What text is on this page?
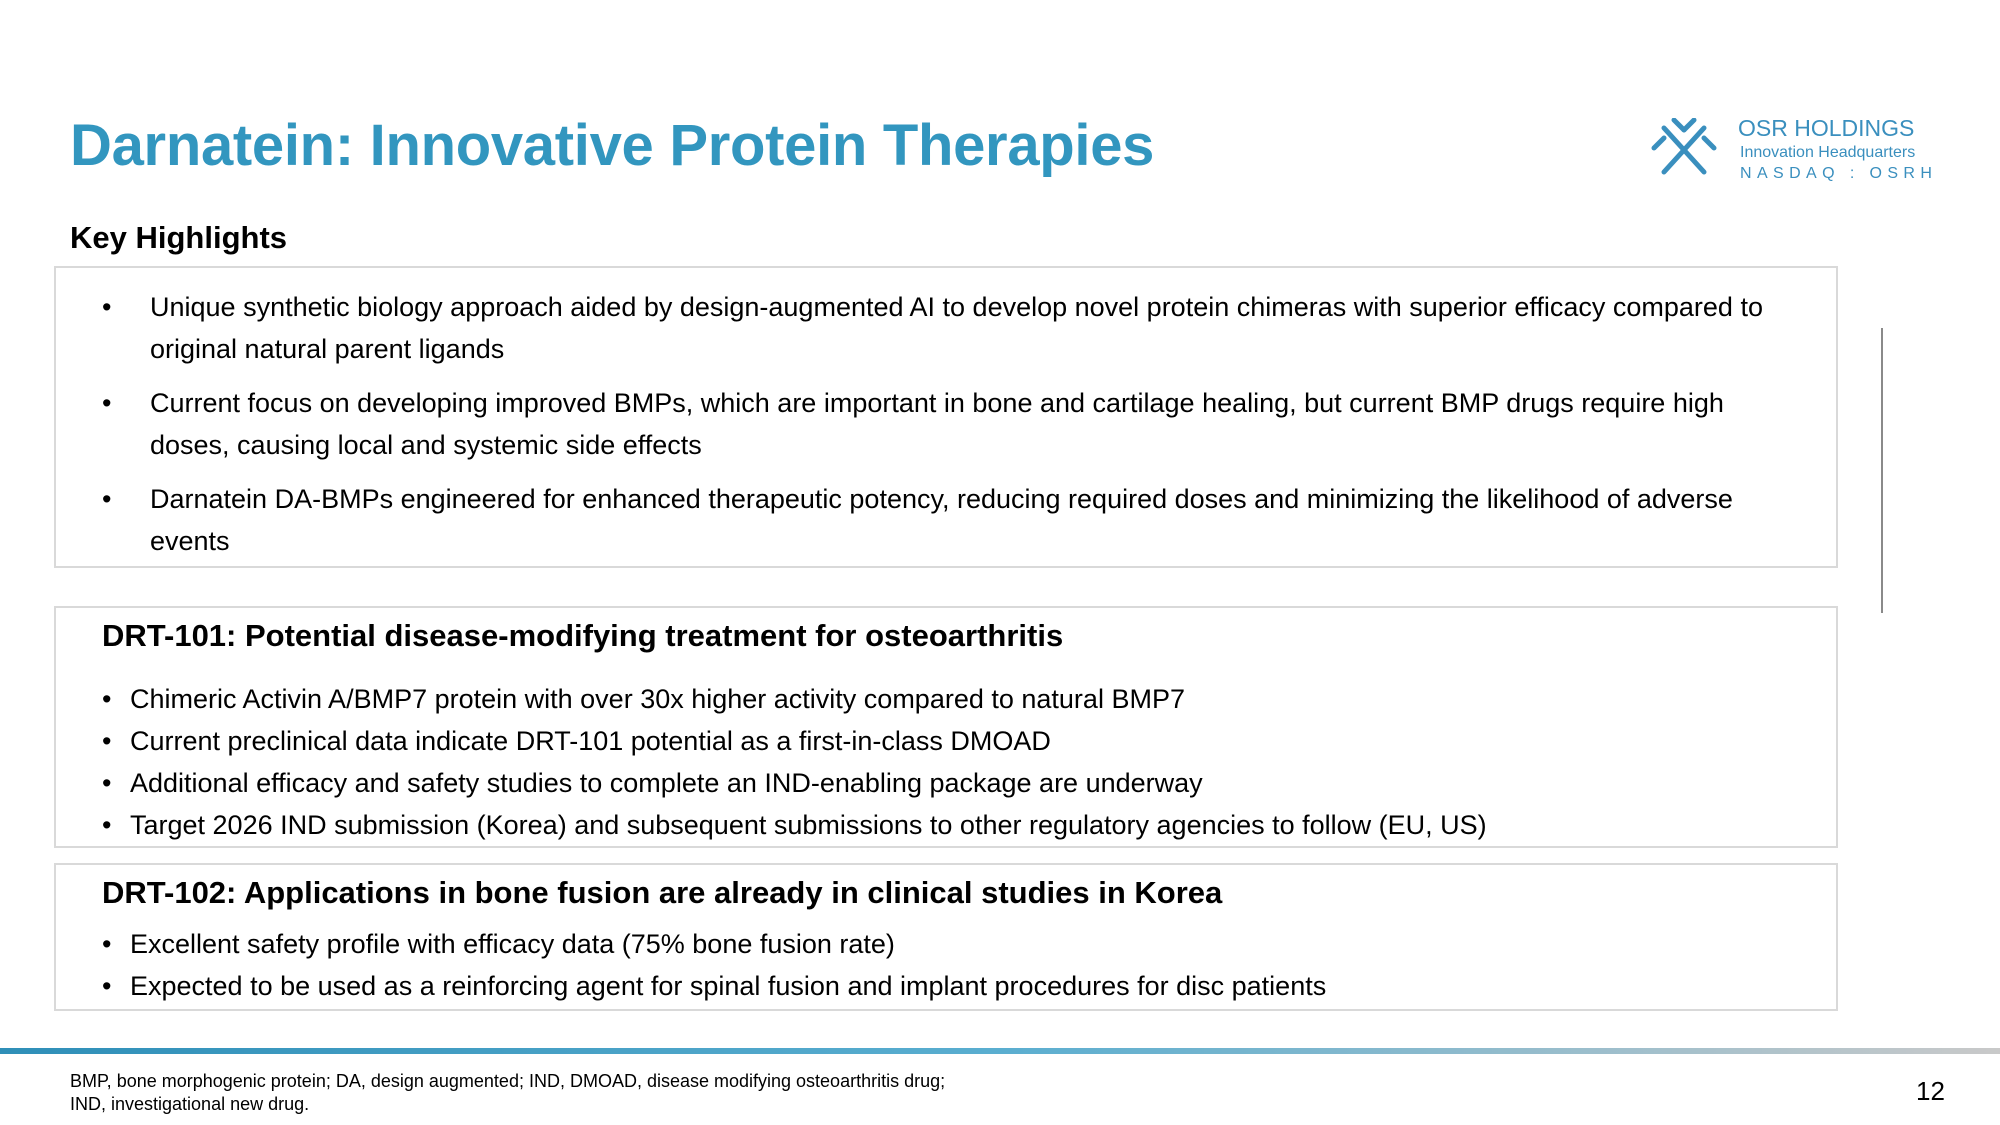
Darnatein: Innovative Protein Therapies	OSR HOLDINGS
Innovation Headquarters
NASDAQ : OSRH
Key Highlights
• Unique synthetic biology approach aided by design-augmented AI to develop novel protein chimeras with superior efficacy compared to original natural parent ligands
• Current focus on developing improved BMPs, which are important in bone and cartilage healing, but current BMP drugs require high doses, causing local and systemic side effects
• Darnatein DA-BMPs engineered for enhanced therapeutic potency, reducing required doses and minimizing the likelihood of adverse events
DRT-101: Potential disease-modifying treatment for osteoarthritis
• Chimeric Activin A/BMP7 protein with over 30x higher activity compared to natural BMP7
• Current preclinical data indicate DRT-101 potential as a first-in-class DMOAD
• Additional efficacy and safety studies to complete an IND-enabling package are underway
• Target 2026 IND submission (Korea) and subsequent submissions to other regulatory agencies to follow (EU, US)
DRT-102: Applications in bone fusion are already in clinical studies in Korea
• Excellent safety profile with efficacy data (75% bone fusion rate)
• Expected to be used as a reinforcing agent for spinal fusion and implant procedures for disc patients
BMP, bone morphogenic protein; DA, design augmented; IND, DMOAD, disease modifying osteoarthritis drug; IND, investigational new drug.	12
